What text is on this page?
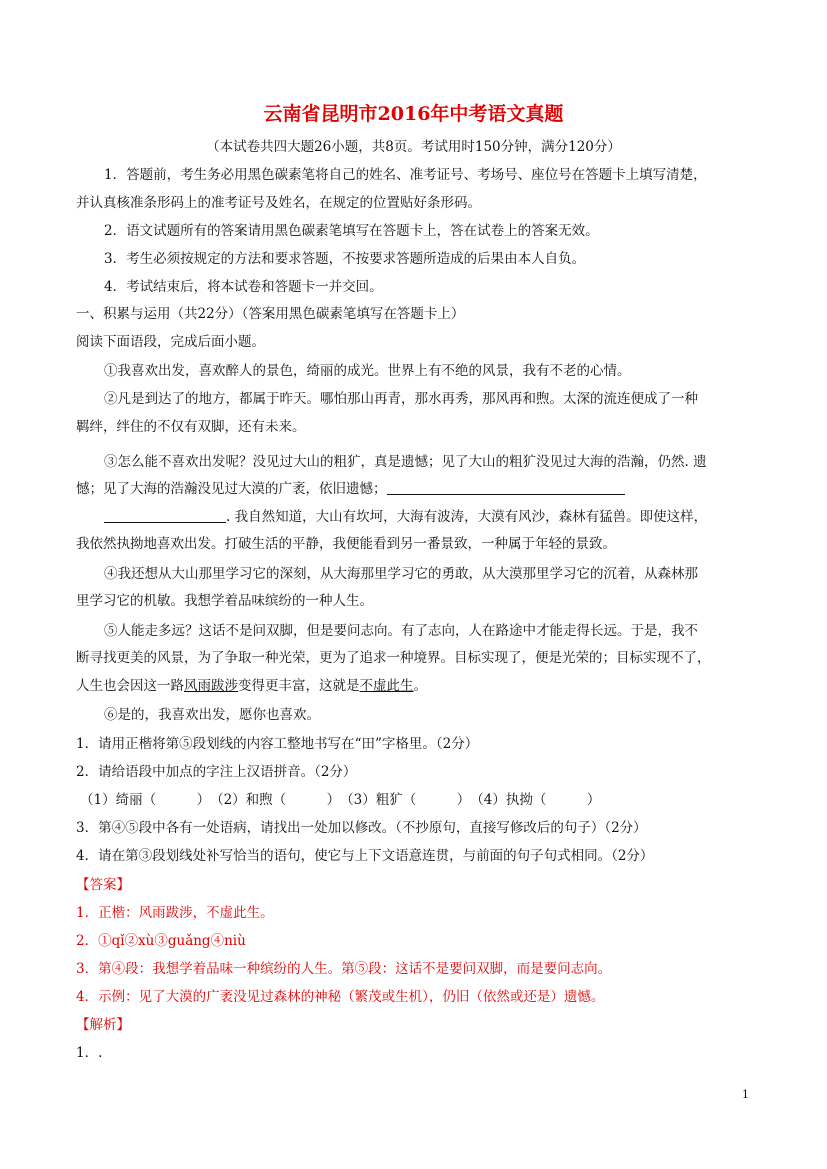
云南省昆明市2016年中考语文真题
（本试卷共四大题26小题，共8页。考试用时150分钟，满分120分）
1．答题前，考生务必用黑色碳素笔将自己的姓名、准考证号、考场号、座位号在答题卡上填写清楚，
并认真核准条形码上的准考证号及姓名，在规定的位置贴好条形码。
2．语文试题所有的答案请用黑色碳素笔填写在答题卡上，答在试卷上的答案无效。
3．考生必须按规定的方法和要求答题，不按要求答题所造成的后果由本人自负。
4．考试结束后，将本试卷和答题卡一并交回。
一、积累与运用（共22分）（答案用黑色碳素笔填写在答题卡上）
阅读下面语段，完成后面小题。
①我喜欢出发，喜欢醉人的景色，绮丽的成光。世界上有不绝的风景，我有不老的心情。
②凡是到达了的地方，都属于昨天。哪怕那山再青，那水再秀，那风再和煦。太深的流连便成了一种
羁绊，绊住的不仅有双脚，还有未来。
③怎么能不喜欢出发呢？没见过大山的粗犷，真是遗憾；见了大山的粗犷没见过大海的浩瀚，仍然. 遗
憾；见了大海的浩瀚没见过大漠的广袤，依旧遗憾；
. 我自然知道，大山有坎坷，大海有波涛，大漠有风沙，森林有猛兽。即使这样，
我依然执拗地喜欢出发。打破生活的平静，我便能看到另一番景致，一种属于年轻的景致。
④我还想从大山那里学习它的深刻，从大海那里学习它的勇敢，从大漠那里学习它的沉着，从森林那
里学习它的机敏。我想学着品味缤纷的一种人生。
⑤人能走多远？这话不是问双脚，但是要问志向。有了志向，人在路途中才能走得长远。于是，我不
断寻找更美的风景，为了争取一种光荣，更为了追求一种境界。目标实现了，便是光荣的；目标实现不了，
人生也会因这一路风雨跋涉变得更丰富，这就是不虚此生。
⑥是的，我喜欢出发，愿你也喜欢。
1．请用正楷将第⑤段划线的内容工整地书写在“田”字格里。（2分）
2．请给语段中加点的字注上汉语拼音。（2分）
（1）绮丽（　　　）　（2）和煦（　　　）　（3）粗犷（　　　）　（4）执拗（　　　）
3．第④⑤段中各有一处语病，请找出一处加以修改。（不抄原句，直接写修改后的句子）（2分）
4．请在第③段划线处补写恰当的语句，使它与上下文语意连贯，与前面的句子句式相同。（2分）
【答案】
1．正楷：风雨跋涉，不虚此生。
2．①qǐ②xù③guǎng④niù
3．第④段：我想学着品味一种缤纷的人生。第⑤段：这话不是要问双脚，而是要问志向。
4．示例：见了大漠的广袤没见过森林的神秘（繁茂或生机），仍旧（依然或还是）遗憾。
【解析】
1．.
1
